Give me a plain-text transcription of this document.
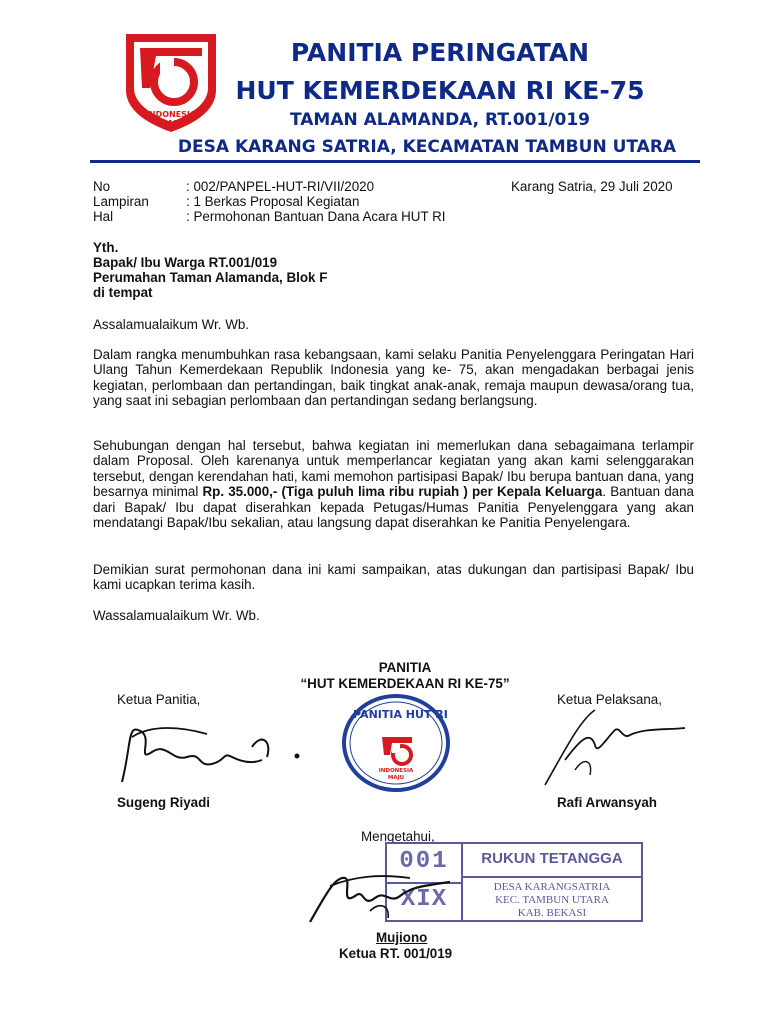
INDONESIA
MAJU
PANITIA PERINGATAN
HUT KEMERDEKAAN RI KE-75
TAMAN ALAMANDA, RT.001/019
DESA KARANG SATRIA, KECAMATAN TAMBUN UTARA
No	: 002/PANPEL-HUT-RI/VII/2020	Karang Satria, 29 Juli 2020
Lampiran	: 1 Berkas Proposal Kegiatan
Hal	: Permohonan Bantuan Dana Acara HUT RI
Yth.
Bapak/ Ibu Warga RT.001/019
Perumahan Taman Alamanda, Blok F
di tempat
Assalamualaikum Wr. Wb.
Dalam rangka menumbuhkan rasa kebangsaan, kami selaku Panitia Penyelenggara Peringatan Hari Ulang Tahun Kemerdekaan Republik Indonesia yang ke- 75, akan mengadakan berbagai jenis kegiatan, perlombaan dan pertandingan, baik tingkat anak-anak, remaja maupun dewasa/orang tua, yang saat ini sebagian perlombaan dan pertandingan sedang berlangsung.
Sehubungan dengan hal tersebut, bahwa kegiatan ini memerlukan dana sebagaimana terlampir dalam Proposal. Oleh karenanya untuk memperlancar kegiatan yang akan kami selenggarakan tersebut, dengan kerendahan hati, kami memohon partisipasi Bapak/ Ibu berupa bantuan dana, yang besarnya minimal Rp. 35.000,- (Tiga puluh lima ribu rupiah ) per Kepala Keluarga. Bantuan dana dari Bapak/ Ibu dapat diserahkan kepada Petugas/Humas Panitia Penyelenggara yang akan mendatangi Bapak/Ibu sekalian, atau langsung dapat diserahkan ke Panitia Penyelengara.
Demikian surat permohonan dana ini kami sampaikan, atas dukungan dan partisipasi Bapak/ Ibu kami ucapkan terima kasih.
Wassalamualaikum Wr. Wb.
PANITIA
“HUT KEMERDEKAAN RI KE-75”
Ketua Panitia,	Ketua Pelaksana,
PANITIA HUT RI
INDONESIA
MAJU
Sugeng Riyadi	Rafi Arwansyah
Mengetahui,
001
XIX
RUKUN TETANGGA
DESA KARANGSATRIA
KEC. TAMBUN UTARA
KAB. BEKASI
Mujiono
Ketua RT. 001/019
